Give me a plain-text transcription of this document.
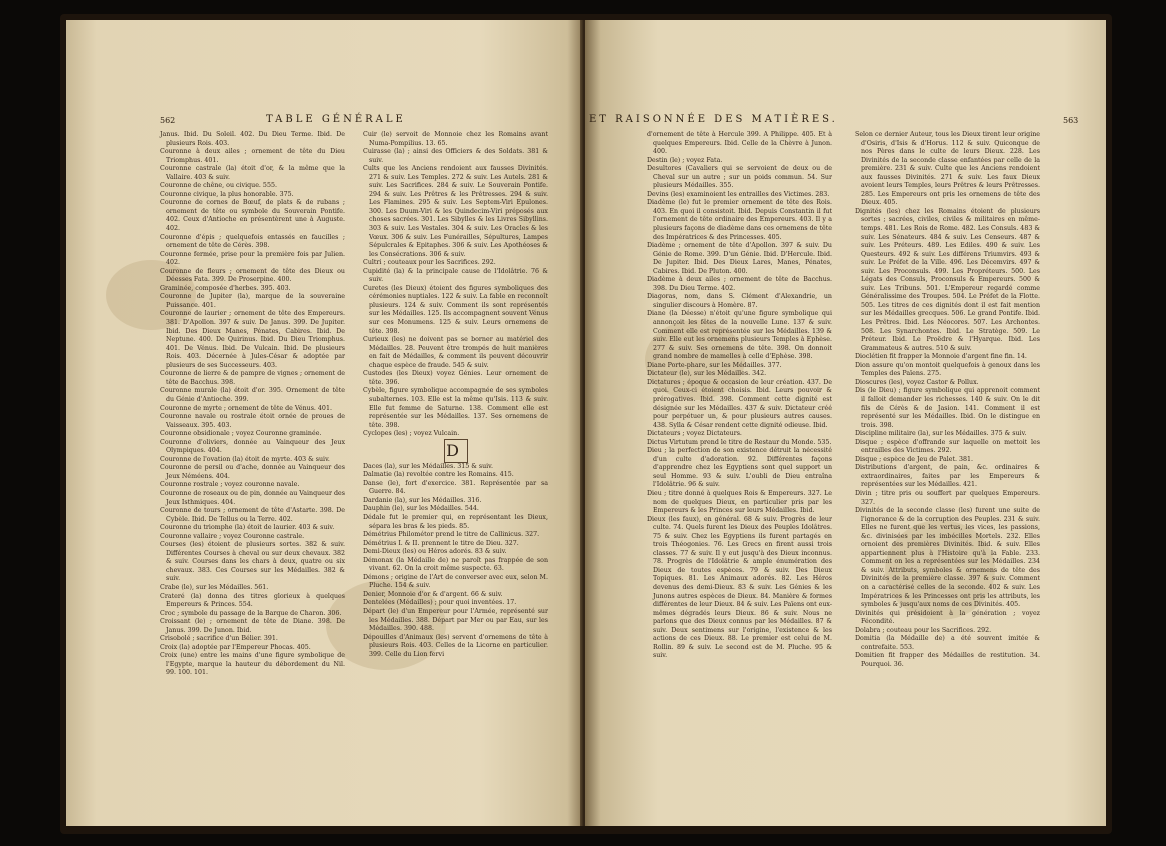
562	TABLE GÉNÉRALE

Janus. Ibid. Du Soleil. 402. Du Dieu Terme. Ibid. De plusieurs Rois. 403.

Couronne à deux ailes ; ornement de tête du Dieu Triomphus. 401.

Couronne castrale (la) étoit d'or, & la même que la Vallaire. 403 & suiv.

Couronne de chêne, ou civique. 555.

Couronne civique, la plus honorable. 375.

Couronne de cornes de Bœuf, de plats & de rubans ; ornement de tête ou symbole du Souverain Pontife. 402. Ceux d'Antioche en présentèrent une à Auguste. 402.

Couronne d'épis ; quelquefois entassés en faucilles ; ornement de tête de Cérès. 398.

Couronne fermée, prise pour la première fois par Julien. 402.

Couronne de fleurs ; ornement de tête des Dieux ou Déesses Fata. 399. De Proserpine. 400.

Graminée, composée d'herbes. 395. 403.

Couronne de Jupiter (la), marque de la souveraine Puissance. 401.

Couronne de laurier ; ornement de tête des Empereurs. 381. D'Apollon. 397 & suiv. De Janus. 399. De Jupiter. Ibid. Des Dieux Manes, Pénates, Cabires. Ibid. De Neptune. 400. De Quirinus. Ibid. Du Dieu Triomphus. 401. De Vénus. Ibid. De Vulcain. Ibid. De plusieurs Rois. 403. Décernée à Jules-César & adoptée par plusieurs de ses Successeurs. 403.

Couronne de lierre & de pampre de vignes ; ornement de tête de Bacchus. 398.

Couronne murale (la) étoit d'or. 395. Ornement de tête du Génie d'Antioche. 399.

Couronne de myrte ; ornement de tête de Vénus. 401.

Couronne navale ou rostrale étoit ornée de proues de Vaisseaux. 395. 403.

Couronne obsidionale ; voyez Couronne graminée.

Couronne d'oliviers, donnée au Vainqueur des Jeux Olympiques. 404.

Couronne de l'ovation (la) étoit de myrte. 403 & suiv.

Couronne de persil ou d'ache, donnée au Vainqueur des Jeux Néméens. 404.

Couronne rostrale ; voyez couronne navale.

Couronne de roseaux ou de pin, donnée au Vainqueur des Jeux Isthmiques. 404.

Couronne de tours ; ornement de tête d'Astarte. 398. De Cybèle. Ibid. De Tellus ou la Terre. 402.

Couronne du triomphe (la) étoit de laurier. 403 & suiv.

Couronne vallaire ; voyez Couronne castrale.

Courses (les) étoient de plusieurs sortes. 382 & suiv. Différentes Courses à cheval ou sur deux chevaux. 382 & suiv. Courses dans les chars à deux, quatre ou six chevaux. 383. Ces Courses sur les Médailles. 382 & suiv.

Crabe (le), sur les Médailles. 561.

Crateré (la) donna des titres glorieux à quelques Empereurs & Princes. 554.

Croc ; symbole du passage de la Barque de Charon. 306.

Croissant (le) ; ornement de tête de Diane. 398. De Janus. 399. De Junon. Ibid.

Crisobolé ; sacrifice d'un Bélier. 391.

Croix (la) adoptée par l'Empereur Phocas. 405.

Croix (une) entre les mains d'une figure symbolique de l'Egypte, marque la hauteur du débordement du Nil. 99. 100. 101.

Cuir (le) servoit de Monnoie chez les Romains avant Numa-Pompilius. 13. 65.

Cuirasse (la) ; ainsi des Officiers & des Soldats. 381 & suiv.

Cults que les Anciens rendoient aux fausses Divinités. 271 & suiv. Les Temples. 272 & suiv. Les Autels. 281 & suiv. Les Sacrifices. 284 & suiv. Le Souverain Pontife. 294 & suiv. Les Prêtres & les Prêtresses. 294 & suiv. Les Flamines. 295 & suiv. Les Septem-Viri Epulones. 300. Les Duum-Viri & les Quindecim-Viri préposés aux choses sacrées. 301. Les Sibylles & les Livres Sibyllins. 303 & suiv. Les Vestales. 304 & suiv. Les Oracles & les Vœux. 306 & suiv. Les Funérailles, Sépultures, Lampes Sépulcrales & Epitaphes. 306 & suiv. Les Apothéoses & les Consécrations. 306 & suiv.

Cultri ; couteaux pour les Sacrifices. 292.

Cupidité (la) & la principale cause de l'Idolâtrie. 76 & suiv.

Curetes (les Dieux) étoient des figures symboliques des cérémonies nuptiales. 122 & suiv. La fable en reconnoît plusieurs. 124 & suiv. Comment ils sont représentés sur les Médailles. 125. Ils accompagnent souvent Vénus sur ces Monumens. 125 & suiv. Leurs ornemens de tête. 398.

Curieux (les) ne doivent pas se borner au matériel des Médailles. 28. Peuvent être trompés de huit manières en fait de Médailles, & comment ils peuvent découvrir chaque espèce de fraude. 545 & suiv.

Custodes (les Dieux) voyez Génies. Leur ornement de tête. 396.

Cybèle, figure symbolique accompagnée de ses symboles subalternes. 103. Elle est la même qu'Isis. 113 & suiv. Elle fut femme de Saturne. 138. Comment elle est représentée sur les Médailles. 137. Ses ornemens de tête. 398.

Cyclopes (les) ; voyez Vulcain.

D

Daces (la), sur les Médailles. 315 & suiv.

Dalmatie (la) revoltée contre les Romains. 415.

Danse (le), fort d'exercice. 381. Représentée par sa Guerre. 84.

Dardanie (la), sur les Médailles. 316.

Dauphin (le), sur les Médailles. 544.

Dédale fut le premier qui, en représentant les Dieux, sépara les bras & les pieds. 85.

Démétrius Philométor prend le titre de Callinicus. 327.

Démétrius I. & II. prennent le titre de Dieu. 327.

Demi-Dieux (les) ou Héros adorés. 83 & suiv.

Démonax (la Médaille de) ne paroît pas frappée de son vivant. 62. On la croit même suspecte. 63.

Démons ; origine de l'Art de converser avec eux, selon M. Pluche. 154 & suiv.

Denier, Monnoie d'or & d'argent. 66 & suiv.

Dentelées (Médailles) ; pour quoi inventées. 17.

Départ (le) d'un Empereur pour l'Armée, représenté sur les Médailles. 388. Départ par Mer ou par Eau, sur les Médailles. 390. 488.

Dépouilles d'Animaux (les) servent d'ornemens de tête à plusieurs Rois. 403. Celles de la Licorne en particulier. 399. Celle du Lion fervi

ET RAISONNÉE DES MATIÈRES.	563

d'ornement de tête à Hercule 399. A Philippe. 405. Et à quelques Empereurs. Ibid. Celle de la Chèvre à Junon. 400.

Destin (le) ; voyez Fata.

Desultores (Cavaliers qui se servoient de deux ou de Cheval sur un autre ; sur un poids commun. 54. Sur plusieurs Médailles. 355.

Devins (les) examinoient les entrailles des Victimes. 283.

Diadème (le) fut le premier ornement de tête des Rois. 403. En quoi il consistoit. Ibid. Depuis Constantin il fut l'ornement de tête ordinaire des Empereurs. 403. Il y a plusieurs façons de diadème dans ces ornemens de tête des Impératrices & des Princesses. 405.

Diadème ; ornement de tête d'Apollon. 397 & suiv. Du Génie de Rome. 399. D'un Génie. Ibid. D'Hercule. Ibid. De Jupiter. Ibid. Des Dieux Lares, Manes, Pénates, Cabires. Ibid. De Pluton. 400.

Diadème à deux ailes ; ornement de tête de Bacchus. 398. Du Dieu Terme. 402.

Diagoras, nom, dans S. Clément d'Alexandrie, un singulier discours à Homère. 87.

Diane (la Déesse) n'étoit qu'une figure symbolique qui annonçoit les fêtes de la nouvelle Lune. 137 & suiv. Comment elle est représentée sur les Médailles. 139 & suiv. Elle eut les ornemens plusieurs Temples à Ephèse. 277 & suiv. Ses ornemens de tête. 398. On donnoit grand nombre de mamelles à celle d'Ephèse. 398.

Diane Porte-phare, sur les Médailles. 377.

Dictateur (le), sur les Médailles. 342.

Dictatures ; époque & occasion de leur création. 437. De quoi. Ceux-ci étoient choisis. Ibid. Leurs pouvoir & prérogatives. Ibid. 398. Comment cette dignité est désignée sur les Médailles. 437 & suiv. Dictateur créé pour perpétuer un, & pour plusieurs autres causes. 438. Sylla & César rendent cette dignité odieuse. Ibid.

Dictateurs ; voyez Dictateurs.

Dictus Virtutum prend le titre de Restaur du Monde. 535.

Dieu ; la perfection de son existence détruit la nécessité d'un culte d'adoration. 92. Différentes façons d'apprendre chez les Egyptiens sont quel support un seul Homme. 93 & suiv. L'oubli de Dieu entraîna l'Idolâtrie. 96 & suiv.

Dieu ; titre donné à quelques Rois & Empereurs. 327. Le nom de quelques Dieux, en particulier pris par les Empereurs & les Princes sur leurs Médailles. Ibid.

Dieux (les faux), en général. 68 & suiv. Progrès de leur culte. 74. Quels furent les Dieux des Peuples Idolâtres. 75 & suiv. Chez les Egyptiens ils furent partagés en trois Théogonies. 76. Les Grecs en firent aussi trois classes. 77 & suiv. Il y eut jusqu'à des Dieux inconnus. 78. Progrès de l'Idolâtrie & ample énumération des Dieux de toutes espèces. 79 & suiv. Des Dieux Topiques. 81. Les Animaux adorés. 82. Les Héros devenus des demi-Dieux. 83 & suiv. Les Génies & les Junons autres espèces de Dieux. 84. Manière & formes différentes de leur Dieux. 84 & suiv. Les Païens ont eux-mêmes dégradés leurs Dieux. 86 & suiv. Nous ne parlons que des Dieux connus par les Médailles. 87 & suiv. Deux sentimens sur l'origine, l'existence & les actions de ces Dieux. 88. Le premier est celui de M. Rollin. 89 & suiv. Le second est de M. Pluche. 95 & suiv.

Selon ce dernier Auteur, tous les Dieux tirent leur origine d'Osiris, d'Isis & d'Horus. 112 & suiv. Quiconque de nos Pères dans le culte de leurs Dieux. 228. Les Divinités de la seconde classe enfantées par celle de la première. 231 & suiv. Culte que les Anciens rendoient aux fausses Divinités. 271 & suiv. Les faux Dieux avoient leurs Temples, leurs Prêtres & leurs Prêtresses. 285. Les Empereurs ont pris les ornemens de tête des Dieux. 405.

Dignités (les) chez les Romains étoient de plusieurs sortes ; sacrées, civiles, civiles & militaires en même-temps. 481. Les Rois de Rome. 482. Les Consuls. 483 & suiv. Les Sénateurs. 484 & suiv. Les Censeurs. 487 & suiv. Les Préteurs. 489. Les Ediles. 490 & suiv. Les Questeurs. 492 & suiv. Les différens Triumvirs. 493 & suiv. Le Préfet de la Ville. 496. Les Décemvirs. 497 & suiv. Les Proconsuls. 499. Les Propréteurs. 500. Les Légats des Consuls, Proconsuls & Empereurs. 500 & suiv. Les Tribuns. 501. L'Empereur regardé comme Généralissime des Troupes. 504. Le Préfet de la Flotte. 505. Les titres de ces dignités dont il est fait mention sur les Médailles grecques. 506. Le grand Pontife. Ibid. Les Prêtres. Ibid. Les Néocores. 507. Les Archontes. 508. Les Synarchontes. Ibid. Le Stratège. 509. Le Préteur. Ibid. Le Proëdre & l'Hyarque. Ibid. Les Grammateus & autres. 510 & suiv.

Dioclétien fit frapper la Monnoie d'argent fine fin. 14.

Dion assure qu'on montoit quelquefois à genoux dans les Temples des Païens. 275.

Dioscures (les), voyez Castor & Pollux.

Dis (le Dieu) ; figure symbolique qui apprenoit comment il falloit demander les richesses. 140 & suiv. On le dit fils de Cérès & de Jasion. 141. Comment il est représenté sur les Médailles. Ibid. On le distingue en trois. 398.

Discipline militaire (la), sur les Médailles. 375 & suiv.

Disque ; espèce d'offrande sur laquelle on mettoit les entrailles des Victimes. 292.

Disque ; espèce de Jeu de Palet. 381.

Distributions d'argent, de pain, &c. ordinaires & extraordinaires, faites par les Empereurs & représentées sur les Médailles. 421.

Divin ; titre pris ou souffert par quelques Empereurs. 327.

Divinités de la seconde classe (les) furent une suite de l'ignorance & de la corruption des Peuples. 231 & suiv. Elles ne furent que les vertus, les vices, les passions, &c. divinisées par les imbécilles Mortels. 232. Elles ornoient des premières Divinités. Ibid. & suiv. Elles appartiennent plus à l'Histoire qu'à la Fable. 233. Comment on les a représentées sur les Médailles. 234 & suiv. Attributs, symboles & ornemens de tête des Divinités de la première classe. 397 & suiv. Comment on a caractérisé celles de la seconde. 402 & suiv. Les Impératrices & les Princesses ont pris les attributs, les symboles & jusqu'aux noms de ces Divinités. 405.

Divinités qui présidoient à la génération ; voyez Fécondité.

Dolabra ; couteau pour les Sacrifices. 292.

Domitia (la Médaille de) a été souvent imitée & contrefaite. 553.

Domitien fit frapper des Médailles de restitution. 34. Pourquoi. 36.
